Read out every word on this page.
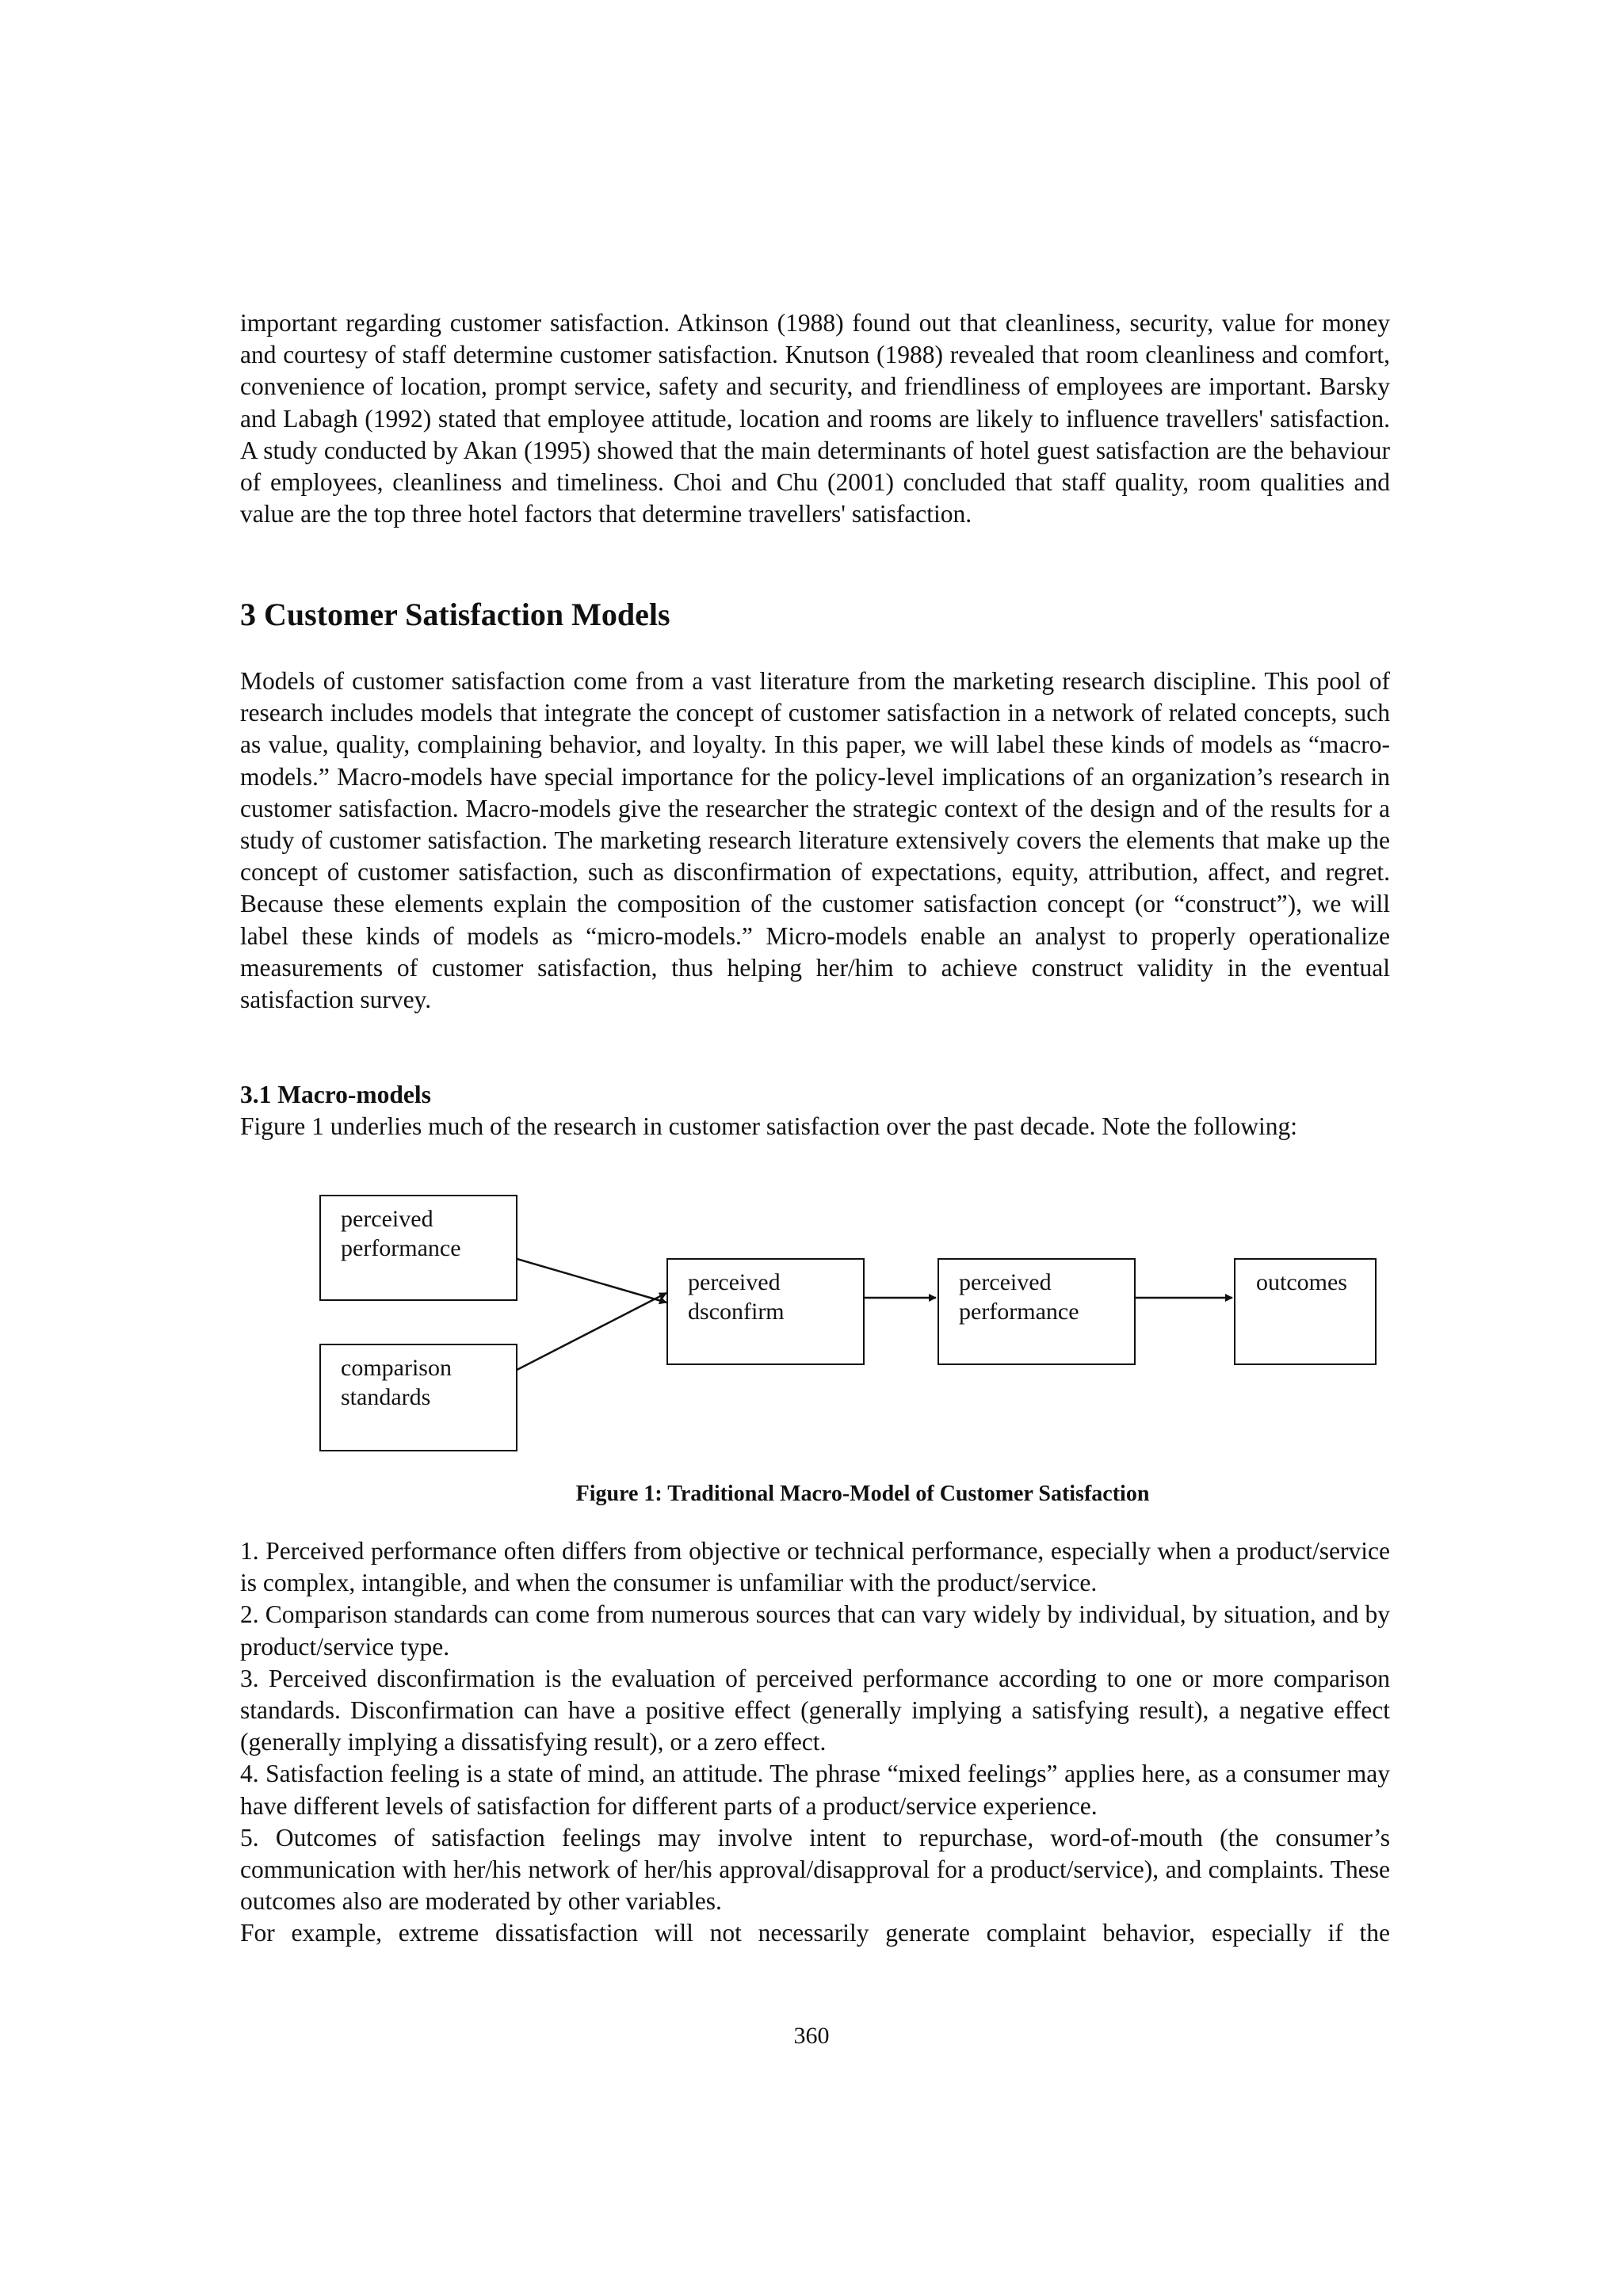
important regarding customer satisfaction. Atkinson (1988) found out that cleanliness, security, value for money and courtesy of staff determine customer satisfaction. Knutson (1988) revealed that room cleanliness and comfort, convenience of location, prompt service, safety and security, and friendliness of employees are important. Barsky and Labagh (1992) stated that employee attitude, location and rooms are likely to influence travellers' satisfaction. A study conducted by Akan (1995) showed that the main determinants of hotel guest satisfaction are the behaviour of employees, cleanliness and timeliness. Choi and Chu (2001) concluded that staff quality, room qualities and value are the top three hotel factors that determine travellers' satisfaction.

3 Customer Satisfaction Models

Models of customer satisfaction come from a vast literature from the marketing research discipline. This pool of research includes models that integrate the concept of customer satisfaction in a network of related concepts, such as value, quality, complaining behavior, and loyalty. In this paper, we will label these kinds of models as “macro-models.” Macro-models have special importance for the policy-level implications of an organization’s research in customer satisfaction. Macro-models give the researcher the strategic context of the design and of the results for a study of customer satisfaction. The marketing research literature extensively covers the elements that make up the concept of customer satisfaction, such as disconfirmation of expectations, equity, attribution, affect, and regret. Because these elements explain the composition of the customer satisfaction concept (or “construct”), we will label these kinds of models as “micro-models.” Micro-models enable an analyst to properly operationalize measurements of customer satisfaction, thus helping her/him to achieve construct validity in the eventual satisfaction survey.

3.1 Macro-models

Figure 1 underlies much of the research in customer satisfaction over the past decade. Note the following:

perceived
performance
comparison
standards
perceived
dsconfirm
perceived
performance
outcomes
Figure 1: Traditional Macro-Model of Customer Satisfaction

1. Perceived performance often differs from objective or technical performance, especially when a product/service is complex, intangible, and when the consumer is unfamiliar with the product/service.

2. Comparison standards can come from numerous sources that can vary widely by individual, by situation, and by product/service type.

3. Perceived disconfirmation is the evaluation of perceived performance according to one or more comparison standards. Disconfirmation can have a positive effect (generally implying a satisfying result), a negative effect (generally implying a dissatisfying result), or a zero effect.

4. Satisfaction feeling is a state of mind, an attitude. The phrase “mixed feelings” applies here, as a consumer may have different levels of satisfaction for different parts of a product/service experience.

5. Outcomes of satisfaction feelings may involve intent to repurchase, word-of-mouth (the consumer’s communication with her/his network of her/his approval/disapproval for a product/service), and complaints. These outcomes also are moderated by other variables.

For example, extreme dissatisfaction will not necessarily generate complaint behavior, especially if the

360
